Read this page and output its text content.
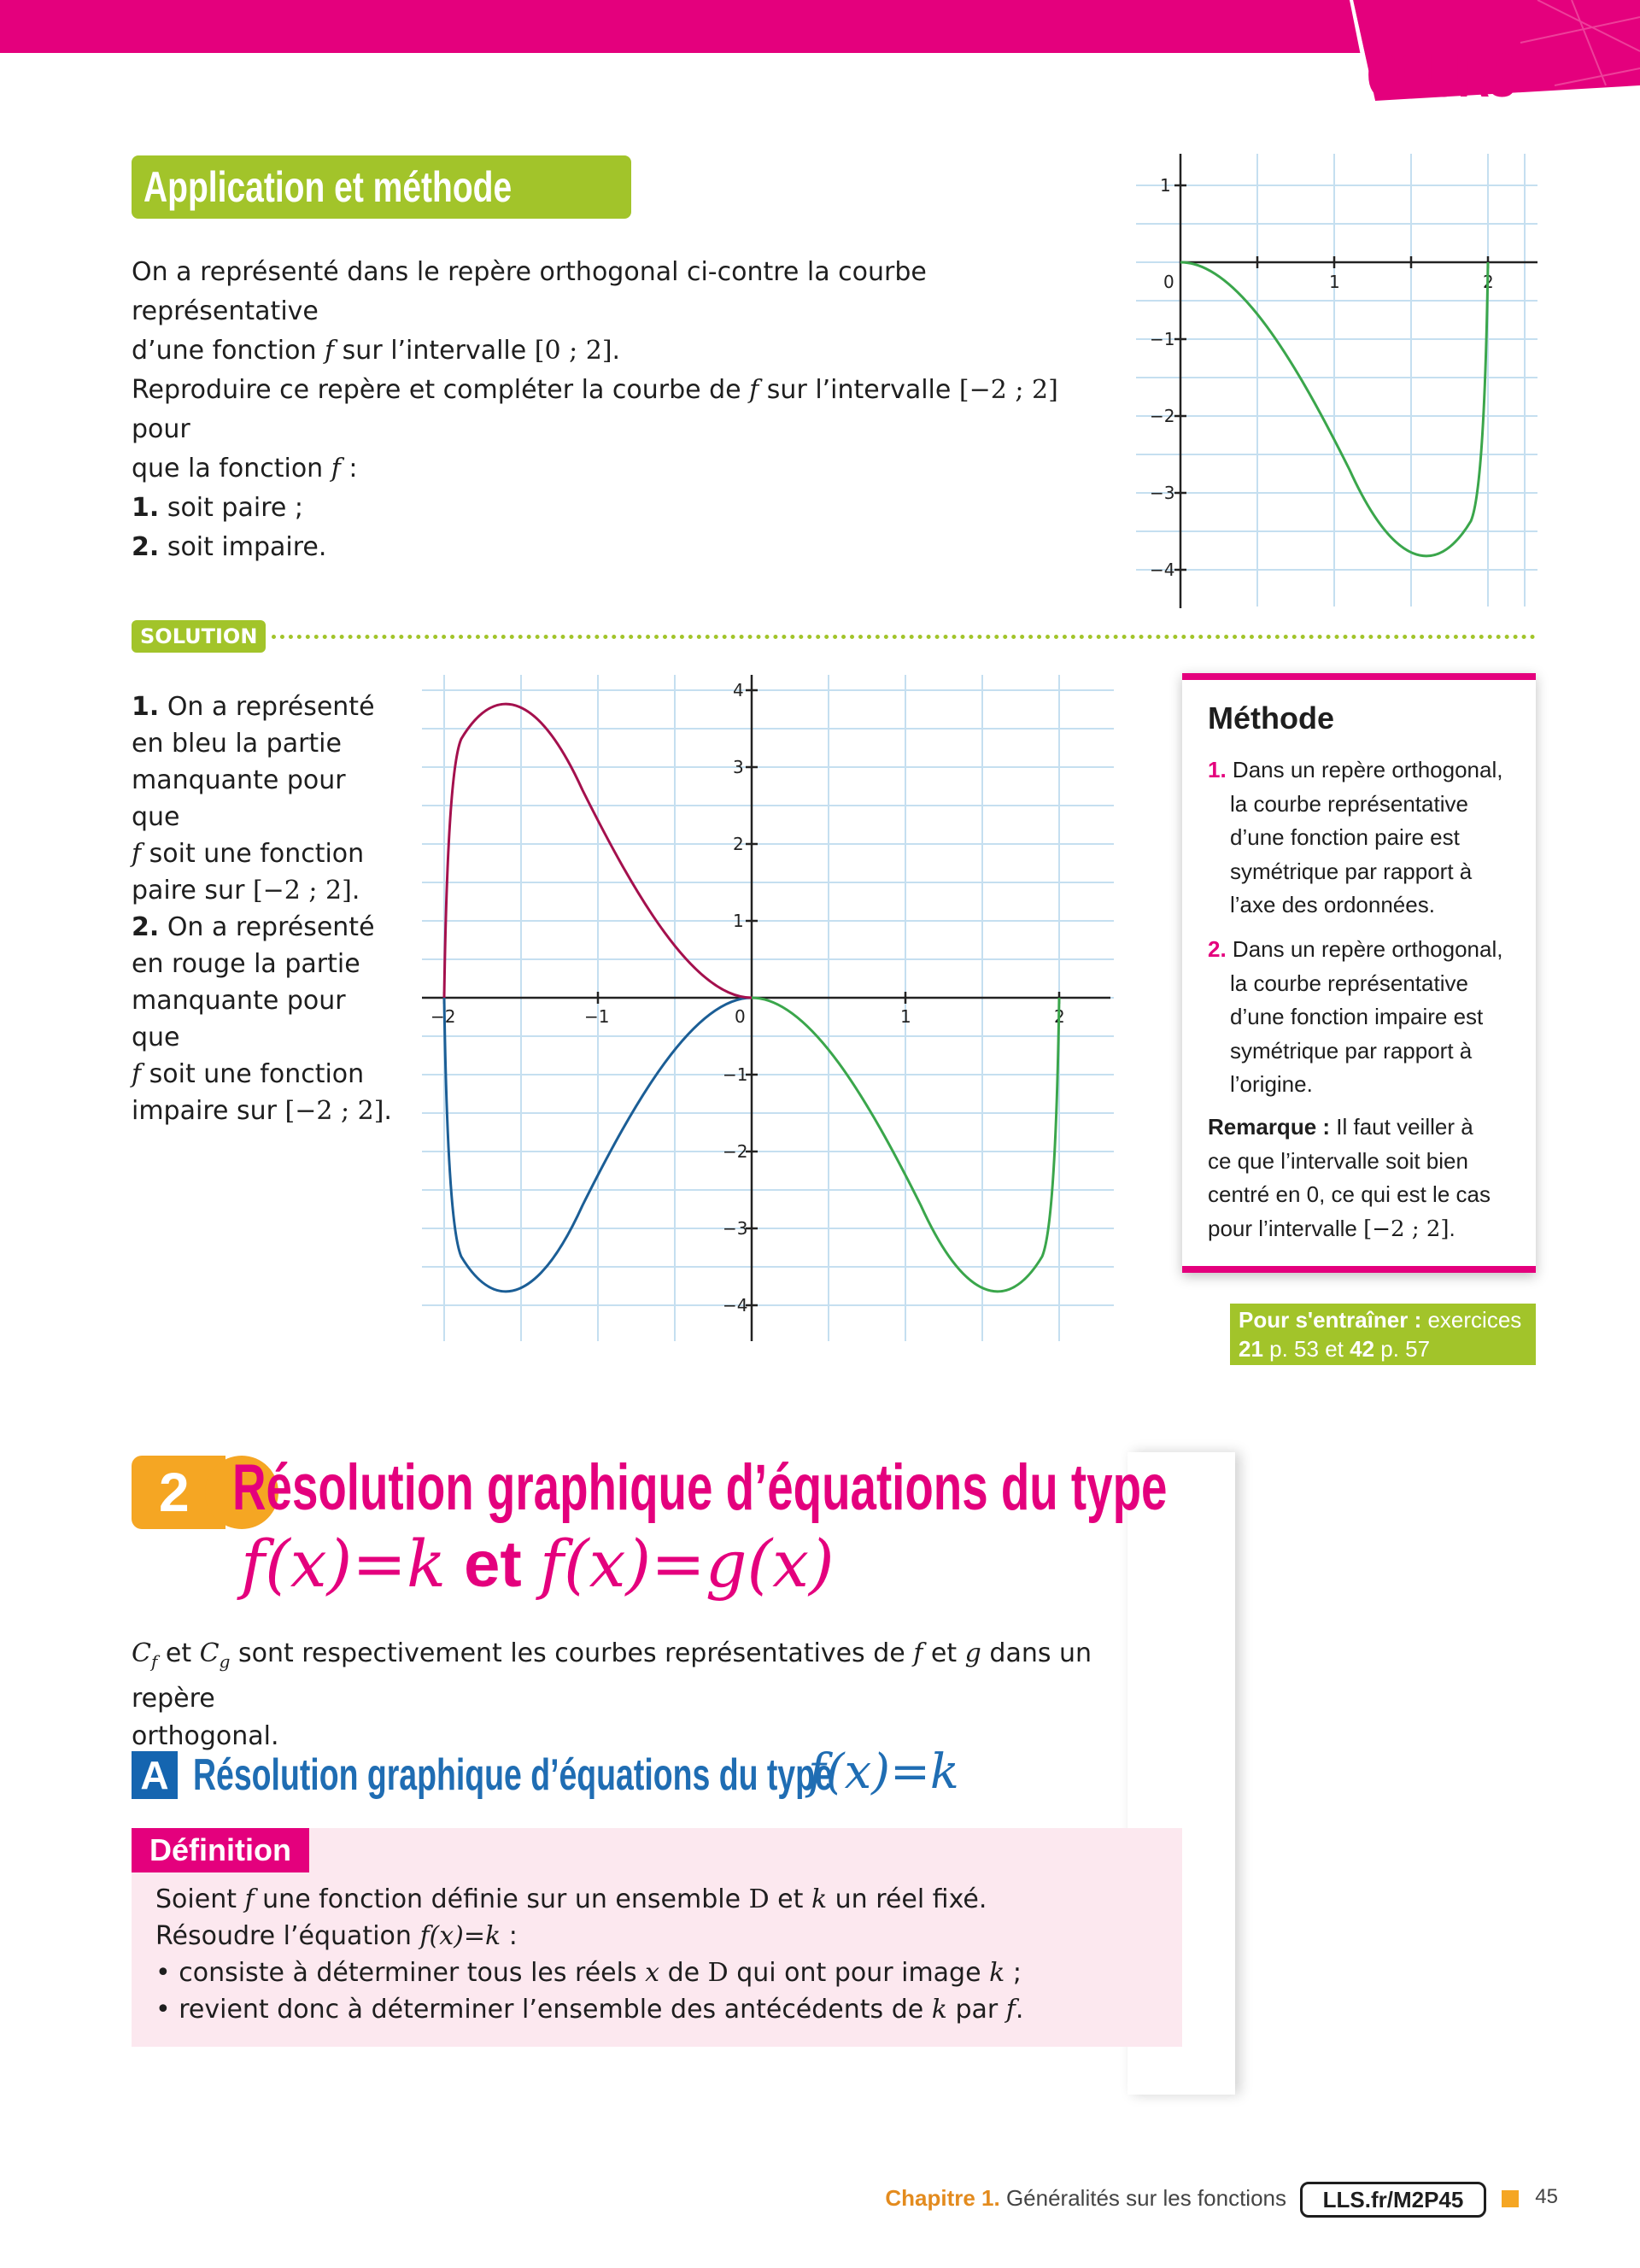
COURS
Application et méthode
On a représenté dans le repère orthogonal ci-contre la courbe représentative
d’une fonction f sur l’intervalle [0 ; 2].
Reproduire ce repère et compléter la courbe de f sur l’intervalle [−2 ; 2] pour
que la fonction f :
1. soit paire ;
2. soit impaire.
0	1	2
1
−1
−2
−3
−4
SOLUTION
1. On a représenté
en bleu la partie
manquante pour que
f soit une fonction
paire sur [−2 ; 2].
2. On a représenté
en rouge la partie
manquante pour que
f soit une fonction
impaire sur [−2 ; 2].
−2	−1	0	1	2
4
3
2
1
−1
−2
−3
−4
Méthode
1. Dans un repère orthogonal,
la courbe représentative
d’une fonction paire est
symétrique par rapport à
l’axe des ordonnées.
2. Dans un repère orthogonal,
la courbe représentative
d’une fonction impaire est
symétrique par rapport à
l’origine.
Remarque : Il faut veiller à
ce que l’intervalle soit bien
centré en 0, ce qui est le cas
pour l’intervalle [−2 ; 2].
Pour s'entraîner : exercices
21 p. 53 et 42 p. 57
2 Résolution graphique d’équations du type
f(x)=k et f(x)=g(x)
$C_f$ et $C_g$ sont respectivement les courbes représentatives de f et g dans un repère
orthogonal.
A Résolution graphique d’équations du type
f(x)=k
Définition
Soient f une fonction définie sur un ensemble D et k un réel fixé.
Résoudre l’équation f(x)=k :
• consiste à déterminer tous les réels x de D qui ont pour image k ;
• revient donc à déterminer l’ensemble des antécédents de k par f.
Chapitre 1. Généralités sur les fonctions	LLS.fr/M2P45	45
